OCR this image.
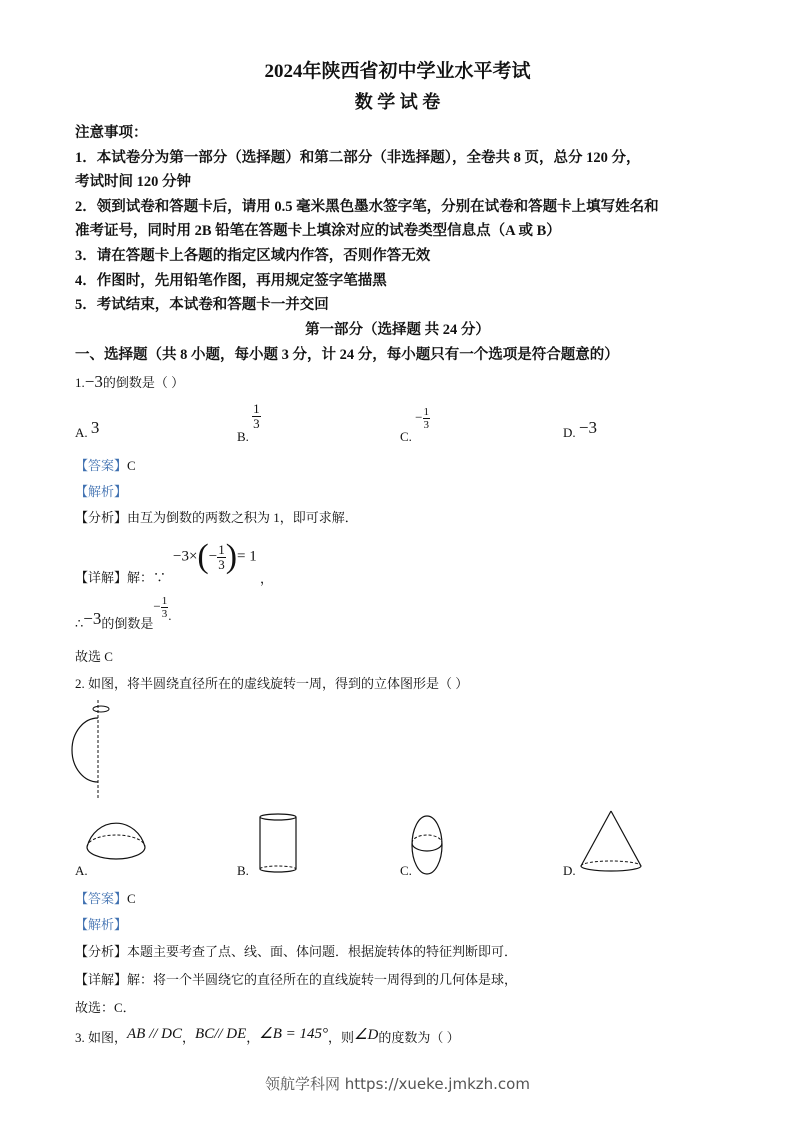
2024年陕西省初中学业水平考试
数 学 试 卷
注意事项：
1．本试卷分为第一部分（选择题）和第二部分（非选择题），全卷共 8 页，总分 120 分，
考试时间 120 分钟
2．领到试卷和答题卡后，请用 0.5 毫米黑色墨水签字笔，分别在试卷和答题卡上填写姓名和
准考证号，同时用 2B 铅笔在答题卡上填涂对应的试卷类型信息点（A 或 B）
3．请在答题卡上各题的指定区域内作答，否则作答无效
4．作图时，先用铅笔作图，再用规定签字笔描黑
5．考试结束，本试卷和答题卡一并交回
第一部分（选择题 共 24 分）
一、选择题（共 8 小题，每小题 3 分，计 24 分，每小题只有一个选项是符合题意的）
1.−3的倒数是（ ）
A. 3	B.
$\frac{1}{3}$
C. − $\frac{1}{3}$
D. −3
【答案】C
【解析】
【分析】由互为倒数的两数之积为 1，即可求解．
【详解】解：∵
$-3\times(- \frac{1}{3}$ )= 1
，
∴−3的倒数是− $\frac{1}{3}$ .
故选 C
2. 如图，将半圆绕直径所在的虚线旋转一周，得到的立体图形是（ ）
A.	B.	C.	D.
【答案】C
【解析】
【分析】本题主要考查了点、线、面、体问题．根据旋转体的特征判断即可．
【详解】解：将一个半圆绕它的直径所在的直线旋转一周得到的几何体是球，
故选：C．
3. 如图，AB // DC，BC// DE，∠B = 145°，则∠D的度数为（ ）
领航学科网 https://xueke.jmkzh.com
